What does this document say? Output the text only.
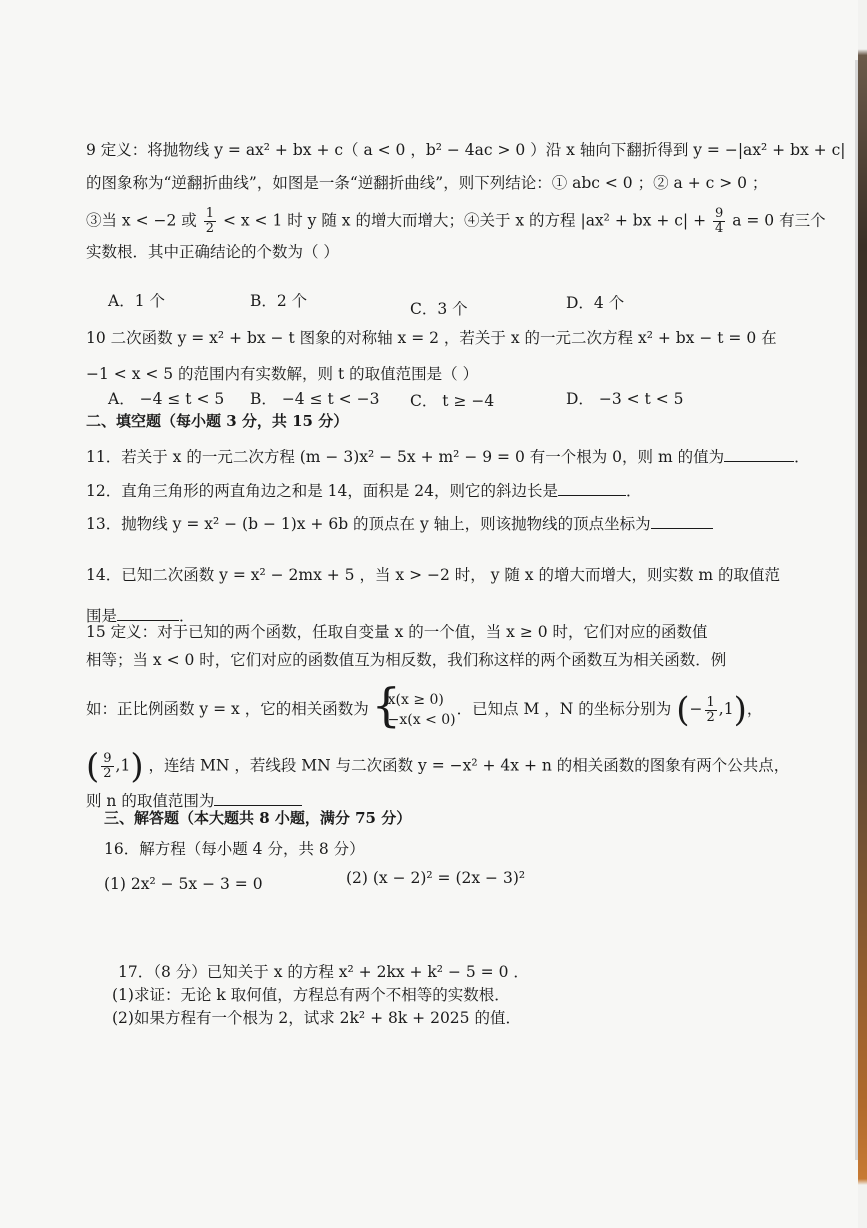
9 定义：将抛物线 y = ax² + bx + c（ a < 0 ，b² − 4ac > 0 ）沿 x 轴向下翻折得到 y = −|ax² + bx + c|
的图象称为“逆翻折曲线”，如图是一条“逆翻折曲线”，则下列结论：① abc < 0 ；② a + c > 0 ；
③当 x < −2 或 $\frac{1}{2} < x < 1$ 时 y 随 x 的增大而增大；④关于 x 的方程 |ax² + bx + $c| + \frac{9}{4}$ a = 0 有三个
实数根．其中正确结论的个数为（ ）
A．1 个	B．2 个	C．3 个	D．4 个
10 二次函数 y = x² + bx − t 图象的对称轴 x = 2 ，若关于 x 的一元二次方程 x² + bx − t = 0 在
−1 < x < 5 的范围内有实数解，则 t 的取值范围是（ ）
A． −4 ≤ t < 5 B． −4 ≤ t < −3 C． t ≥ −4	D． −3 < t < 5
二、填空题（每小题 3 分，共 15 分）
11．若关于 x 的一元二次方程 (m − 3)x² − 5x + m² − 9 = 0 有一个根为 0，则 m 的值为	．
12．直角三角形的两直角边之和是 14，面积是 24，则它的斜边长是	．
13．抛物线 y = x² − (b − 1)x + 6b 的顶点在 y 轴上，则该抛物线的顶点坐标为
14．已知二次函数 y = x² − 2mx + 5 ，当 x > −2 时， y 随 x 的增大而增大，则实数 m 的取值范
围是	．
15 定义：对于已知的两个函数，任取自变量 x 的一个值，当 x ≥ 0 时，它们对应的函数值
相等；当 x < 0 时，它们对应的函数值互为相反数，我们称这样的两个函数互为相关函数．例
如：正比例函数 y = x ，它的相关函数为 {
x(x ≥ 0)
−x(x < 0)
．已知点 M ，N 的坐标分别为 (− $\frac{1}{2} ,1$)，
( $\frac{9}{2} ,1$) ，连结 MN ，若线段 MN 与二次函数 y = −x² + 4x + n 的相关函数的图象有两个公共点，
则 n 的取值范围为
三、解答题（本大题共 8 小题，满分 75 分）
16．解方程（每小题 4 分，共 8 分）
(1) 2x² − 5x − 3 = 0	(2) (x − 2)² = (2x − 3)²
17．（8 分）已知关于 x 的方程 x² + 2kx + k² − 5 = 0 ．
(1)求证：无论 k 取何值，方程总有两个不相等的实数根．
(2)如果方程有一个根为 2，试求 2k² + 8k + 2025 的值．
